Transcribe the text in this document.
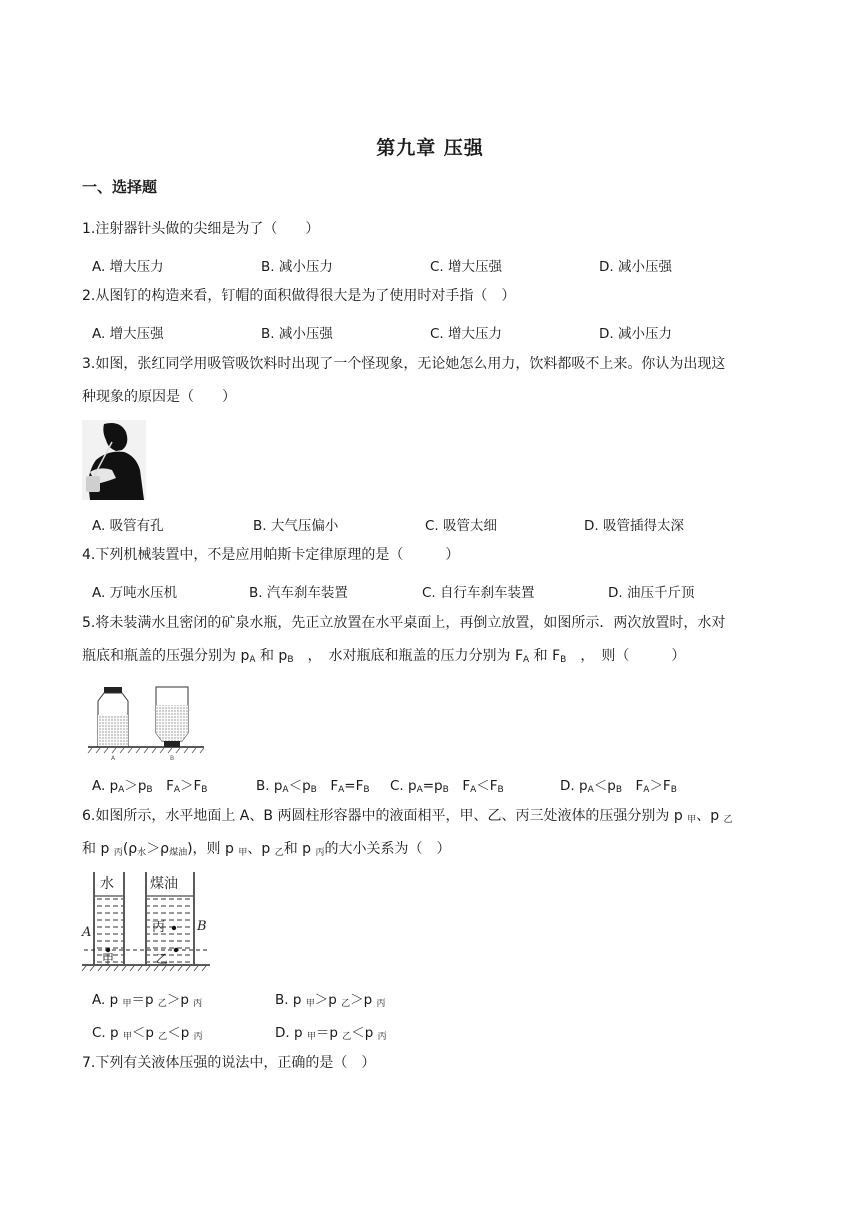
第九章 压强
一、选择题
1.注射器针头做的尖细是为了（　　）
A. 增大压力	B. 减小压力	C. 增大压强	D. 减小压强
2.从图钉的构造来看，钉帽的面积做得很大是为了使用时对手指（　）
A. 增大压强	B. 减小压强	C. 增大压力	D. 减小压力
3.如图，张红同学用吸管吸饮料时出现了一个怪现象，无论她怎么用力，饮料都吸不上来。你认为出现这
种现象的原因是（　　）
A. 吸管有孔	B. 大气压偏小	C. 吸管太细	D. 吸管插得太深
4.下列机械装置中，不是应用帕斯卡定律原理的是（　　　）
A. 万吨水压机	B. 汽车刹车装置	C. 自行车刹车装置	D. 油压千斤顶
5.将未装满水且密闭的矿泉水瓶，先正立放置在水平桌面上，再倒立放置，如图所示．两次放置时，水对
瓶底和瓶盖的压强分别为 $p_A$ 和 $p_B$　，　水对瓶底和瓶盖的压力分别为 $F_A$ 和 $F_B$　，　则（　　　）
A	B
A. $p_A>p_B$　$F_A>F_B$	B. $p_A<p_B$　$F_A=F_B$ C. $p_A=p_B$　$F_A<F_B$	D. $p_A<p_B$　$F_A>F_B$
6.如图所示，水平地面上 A、B 两圆柱形容器中的液面相平，甲、乙、丙三处液体的压强分别为 p $_甲$、p $_乙$
和 p $_丙(\rho_水>\rho_{煤油})$，则 p $_甲$、p $_乙$和 p $_丙$的大小关系为（　）
水	煤油
A	B
甲
丙
乙
A. p $_甲$＝p $_乙$＞p $_丙$	B. p $_甲$＞p $_乙$＞p $_丙$
C. p $_甲$＜p $_乙$＜p $_丙$	D. p $_甲$＝p $_乙$＜p $_丙$
7.下列有关液体压强的说法中，正确的是（　）
